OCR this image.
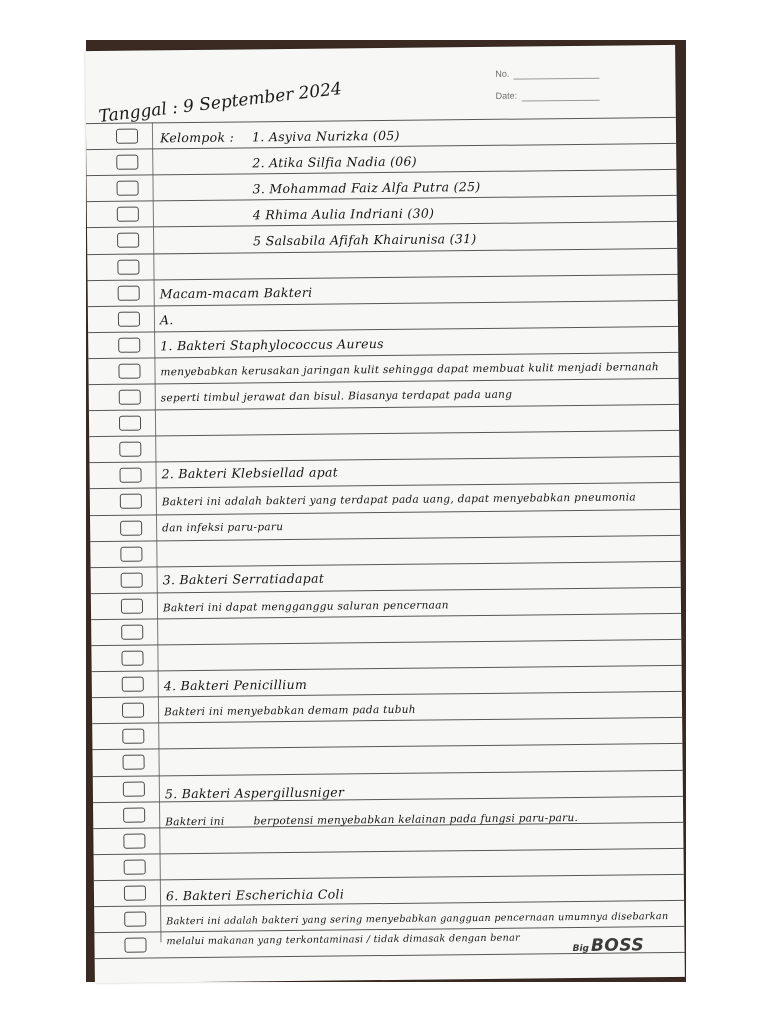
No.
Date:
Tanggal : 9 September 2024
Kelompok : 1. Asyiva Nurizka (05)
2. Atika Silfia Nadia (06)
3. Mohammad Faiz Alfa Putra (25)
4 Rhima Aulia Indriani (30)
5 Salsabila Afifah Khairunisa (31)
Macam-macam Bakteri
A.
1. Bakteri Staphylococcus Aureus
menyebabkan kerusakan jaringan kulit sehingga dapat membuat kulit menjadi bernanah
seperti timbul jerawat dan bisul. Biasanya terdapat pada uang
2. Bakteri Klebsiellad apat
Bakteri ini adalah bakteri yang terdapat pada uang, dapat menyebabkan pneumonia
dan infeksi paru-paru
3. Bakteri Serratiadapat
Bakteri ini dapat mengganggu saluran pencernaan
4. Bakteri Penicillium
Bakteri ini menyebabkan demam pada tubuh
5. Bakteri Aspergillusniger
Bakteri ini        berpotensi menyebabkan kelainan pada fungsi paru-paru.
6. Bakteri Escherichia Coli
Bakteri ini adalah bakteri yang sering menyebabkan gangguan pencernaan umumnya disebarkan
melalui makanan yang terkontaminasi / tidak dimasak dengan benar
Big BOSS
